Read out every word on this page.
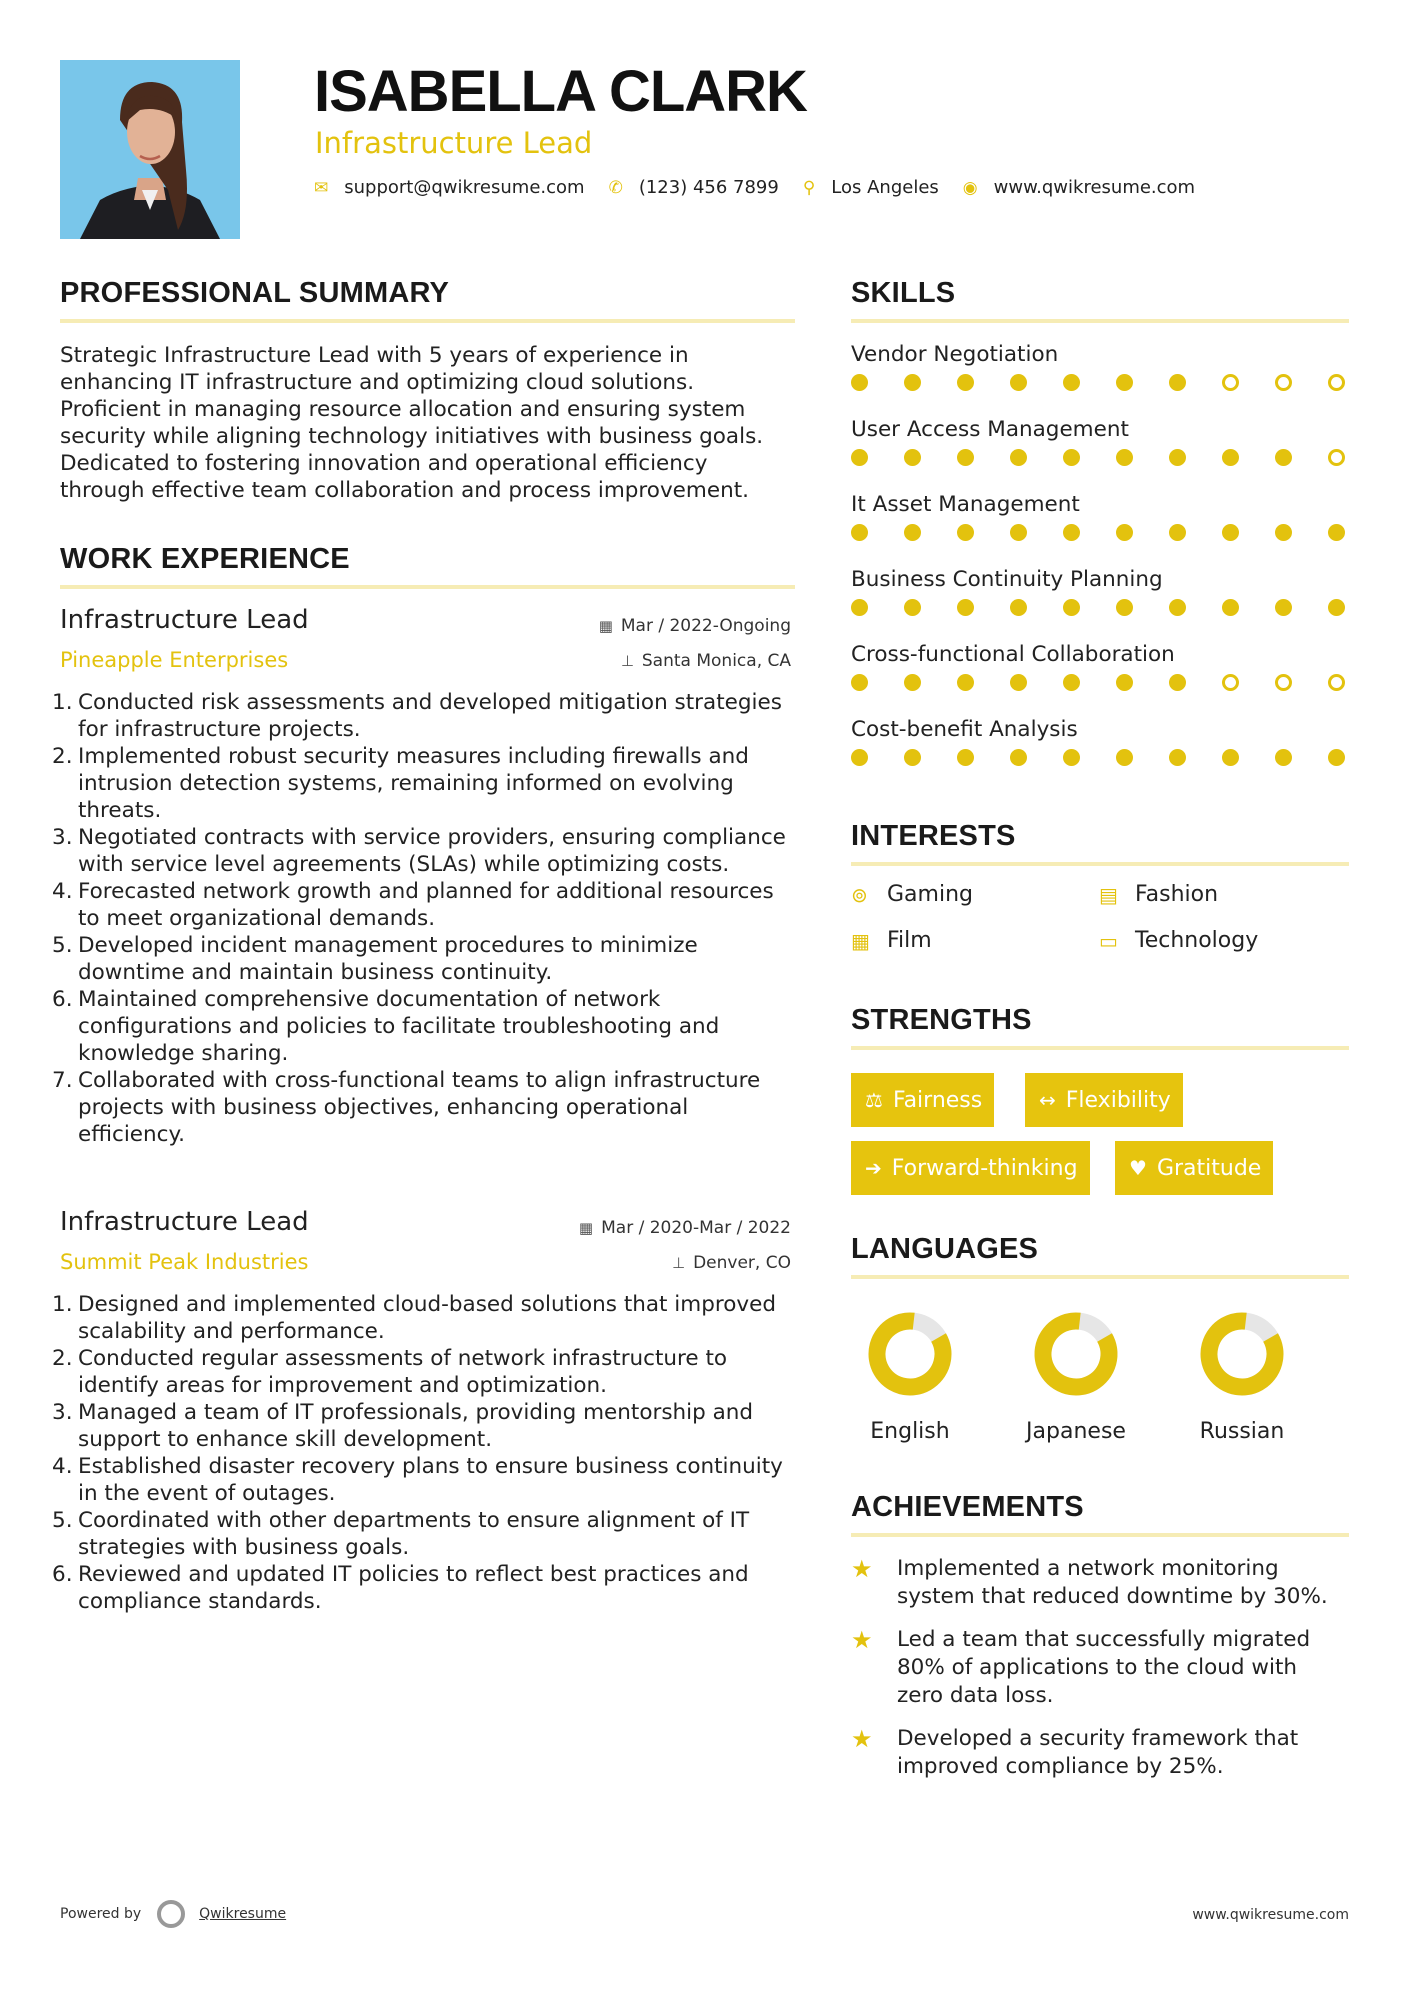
ISABELLA CLARK
Infrastructure Lead
✉ support@qwikresume.com ✆ (123) 456 7899 ⚲ Los Angeles ◉ www.qwikresume.com
PROFESSIONAL SUMMARY
Strategic Infrastructure Lead with 5 years of experience in enhancing IT infrastructure and optimizing cloud solutions. Proficient in managing resource allocation and ensuring system security while aligning technology initiatives with business goals. Dedicated to fostering innovation and operational efficiency through effective team collaboration and process improvement.
WORK EXPERIENCE
Infrastructure Lead
Pineapple Enterprises
▦ Mar / 2022-Ongoing
⊥ Santa Monica, CA
Conducted risk assessments and developed mitigation strategies for infrastructure projects.
Implemented robust security measures including firewalls and intrusion detection systems, remaining informed on evolving threats.
Negotiated contracts with service providers, ensuring compliance with service level agreements (SLAs) while optimizing costs.
Forecasted network growth and planned for additional resources to meet organizational demands.
Developed incident management procedures to minimize downtime and maintain business continuity.
Maintained comprehensive documentation of network configurations and policies to facilitate troubleshooting and knowledge sharing.
Collaborated with cross-functional teams to align infrastructure projects with business objectives, enhancing operational efficiency.
Infrastructure Lead
Summit Peak Industries
▦ Mar / 2020-Mar / 2022
⊥ Denver, CO
Designed and implemented cloud-based solutions that improved scalability and performance.
Conducted regular assessments of network infrastructure to identify areas for improvement and optimization.
Managed a team of IT professionals, providing mentorship and support to enhance skill development.
Established disaster recovery plans to ensure business continuity in the event of outages.
Coordinated with other departments to ensure alignment of IT strategies with business goals.
Reviewed and updated IT policies to reflect best practices and compliance standards.
SKILLS
Vendor Negotiation
User Access Management
It Asset Management
Business Continuity Planning
Cross-functional Collaboration
Cost-benefit Analysis
INTERESTS
⊚ Gaming	▤ Fashion
▦ Film	▭ Technology
STRENGTHS
⚖ Fairness	↔ Flexibility
➔ Forward-thinking	♥ Gratitude
LANGUAGES
English	Japanese	Russian
ACHIEVEMENTS
★	Implemented a network monitoring system that reduced downtime by 30%.
★	Led a team that successfully migrated 80% of applications to the cloud with zero data loss.
★	Developed a security framework that improved compliance by 25%.
Powered by	Qwikresume	www.qwikresume.com
